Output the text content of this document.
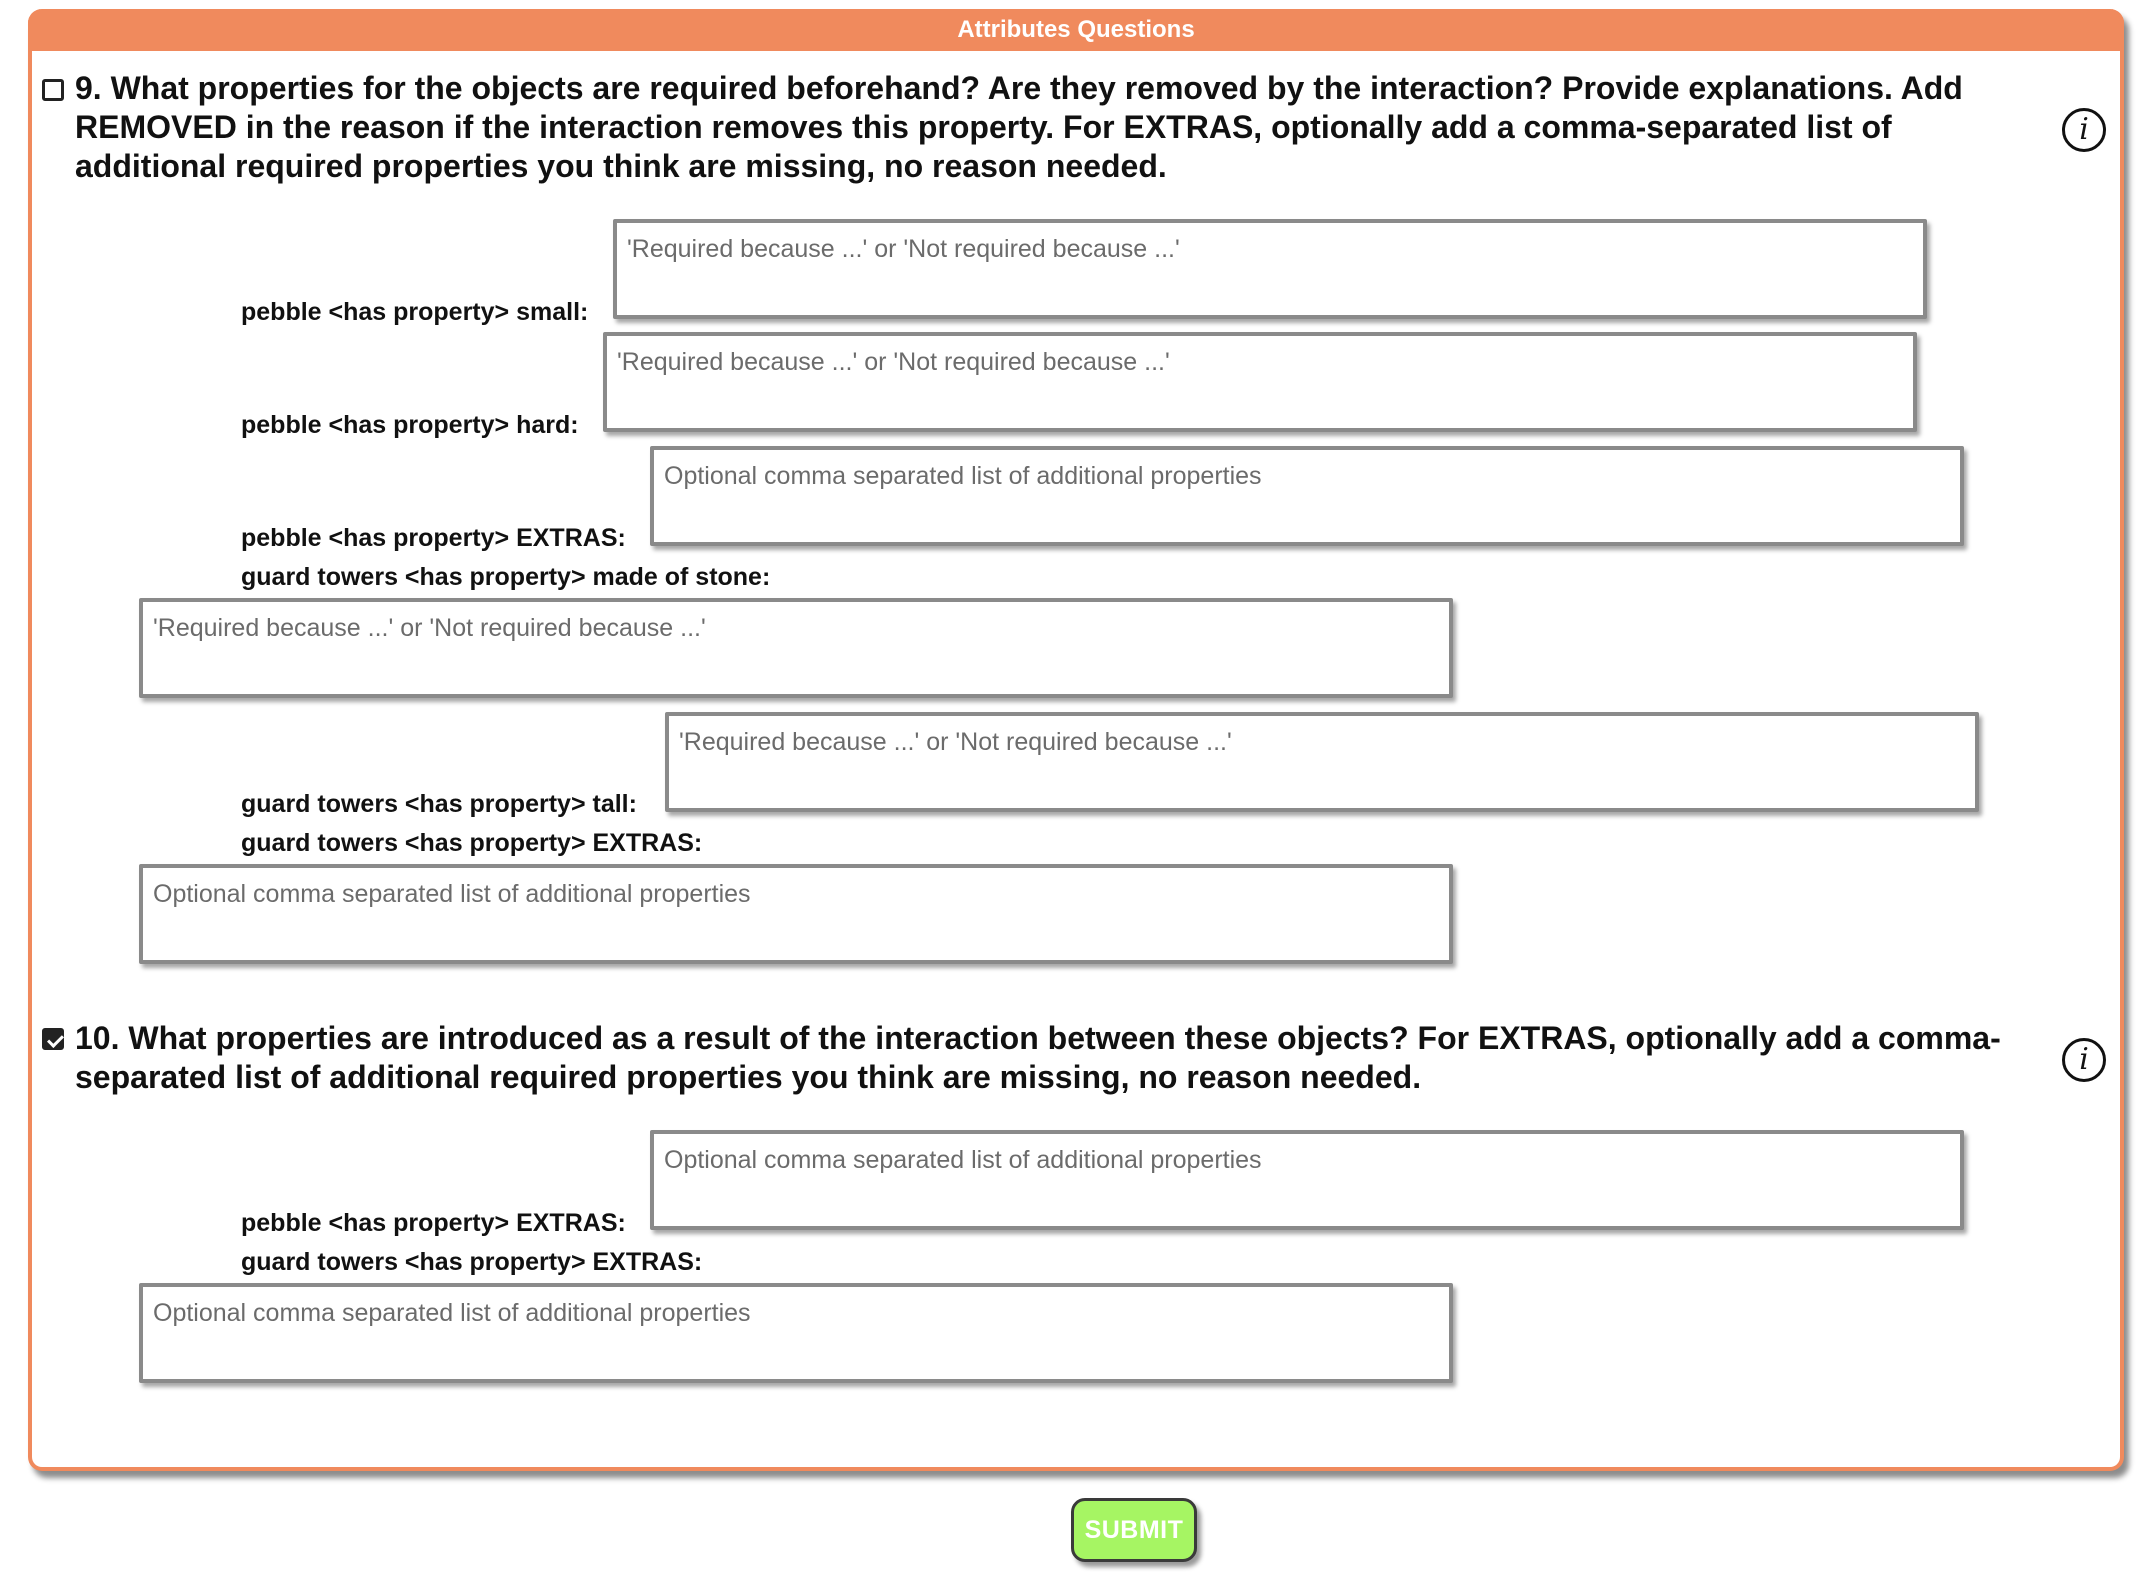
Attributes Questions
9. What properties for the objects are required beforehand? Are they removed by the interaction? Provide explanations. Add REMOVED in the reason if the interaction removes this property. For EXTRAS, optionally add a comma-separated list of additional required properties you think are missing, no reason needed.
i
pebble <has property> small:
'Required because ...' or 'Not required because ...'
pebble <has property> hard:
'Required because ...' or 'Not required because ...'
pebble <has property> EXTRAS:
Optional comma separated list of additional properties
guard towers <has property> made of stone:
'Required because ...' or 'Not required because ...'
guard towers <has property> tall:
'Required because ...' or 'Not required because ...'
guard towers <has property> EXTRAS:
Optional comma separated list of additional properties
10. What properties are introduced as a result of the interaction between these objects? For EXTRAS, optionally add a comma-separated list of additional required properties you think are missing, no reason needed.	i
pebble <has property> EXTRAS:
Optional comma separated list of additional properties
guard towers <has property> EXTRAS:
Optional comma separated list of additional properties
SUBMIT
